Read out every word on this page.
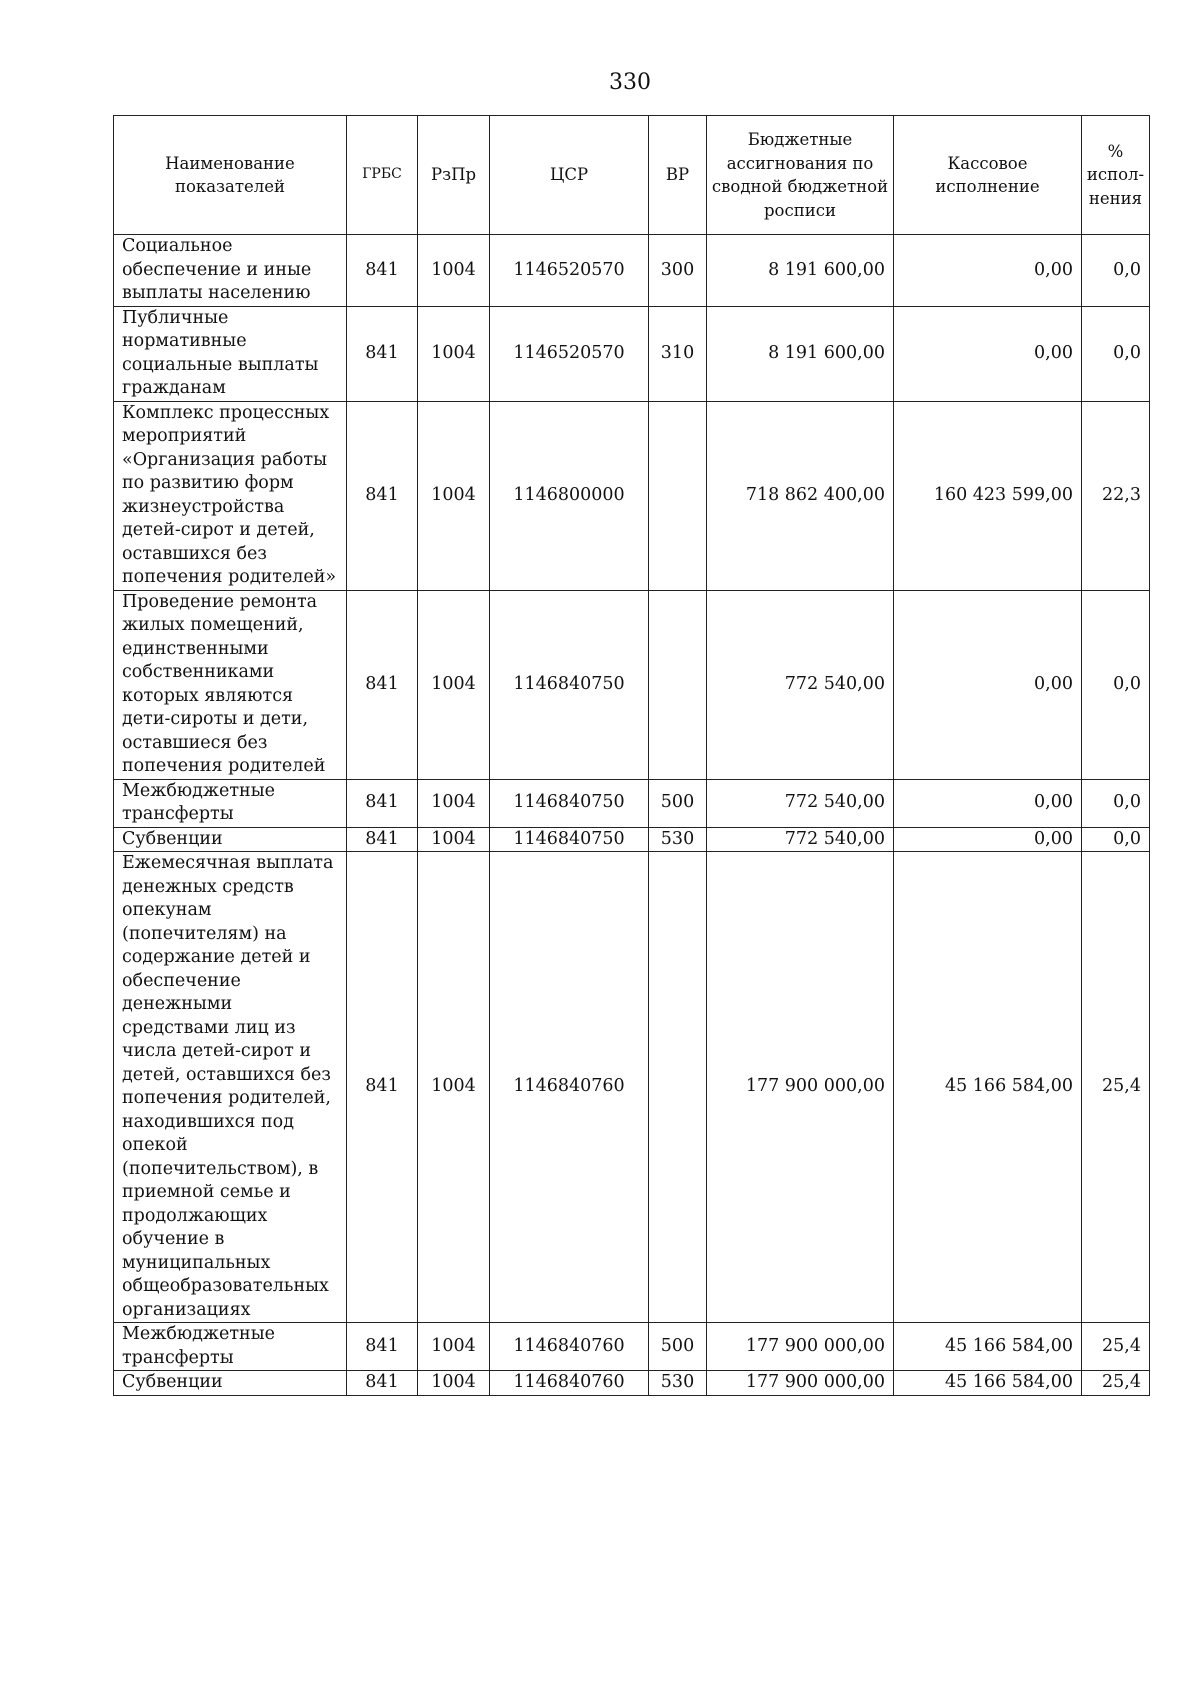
330
Наименование показателей	ГРБС	РзПр	ЦСР	ВР	Бюджетные ассигнования по сводной бюджетной росписи	Кассовое исполнение	% испол-нения
Социальное обеспечение и иные выплаты населению	841	1004	1146520570	300	8 191 600,00	0,00	0,0
Публичные нормативные социальные выплаты гражданам	841	1004	1146520570	310	8 191 600,00	0,00	0,0
Комплекс процессных мероприятий «Организация работы по развитию форм жизнеустройства детей-сирот и детей, оставшихся без попечения родителей»	841	1004	1146800000		718 862 400,00	160 423 599,00	22,3
Проведение ремонта жилых помещений, единственными собственниками которых являются дети-сироты и дети, оставшиеся без попечения родителей	841	1004	1146840750		772 540,00	0,00	0,0
Межбюджетные трансферты	841	1004	1146840750	500	772 540,00	0,00	0,0
Субвенции	841	1004	1146840750	530	772 540,00	0,00	0,0
Ежемесячная выплата денежных средств опекунам (попечителям) на содержание детей и обеспечение денежными средствами лиц из числа детей-сирот и детей, оставшихся без попечения родителей, находившихся под опекой (попечительством), в приемной семье и продолжающих обучение в муниципальных общеобразовательных организациях	841	1004	1146840760		177 900 000,00	45 166 584,00	25,4
Межбюджетные трансферты	841	1004	1146840760	500	177 900 000,00	45 166 584,00	25,4
Субвенции	841	1004	1146840760	530	177 900 000,00	45 166 584,00	25,4
